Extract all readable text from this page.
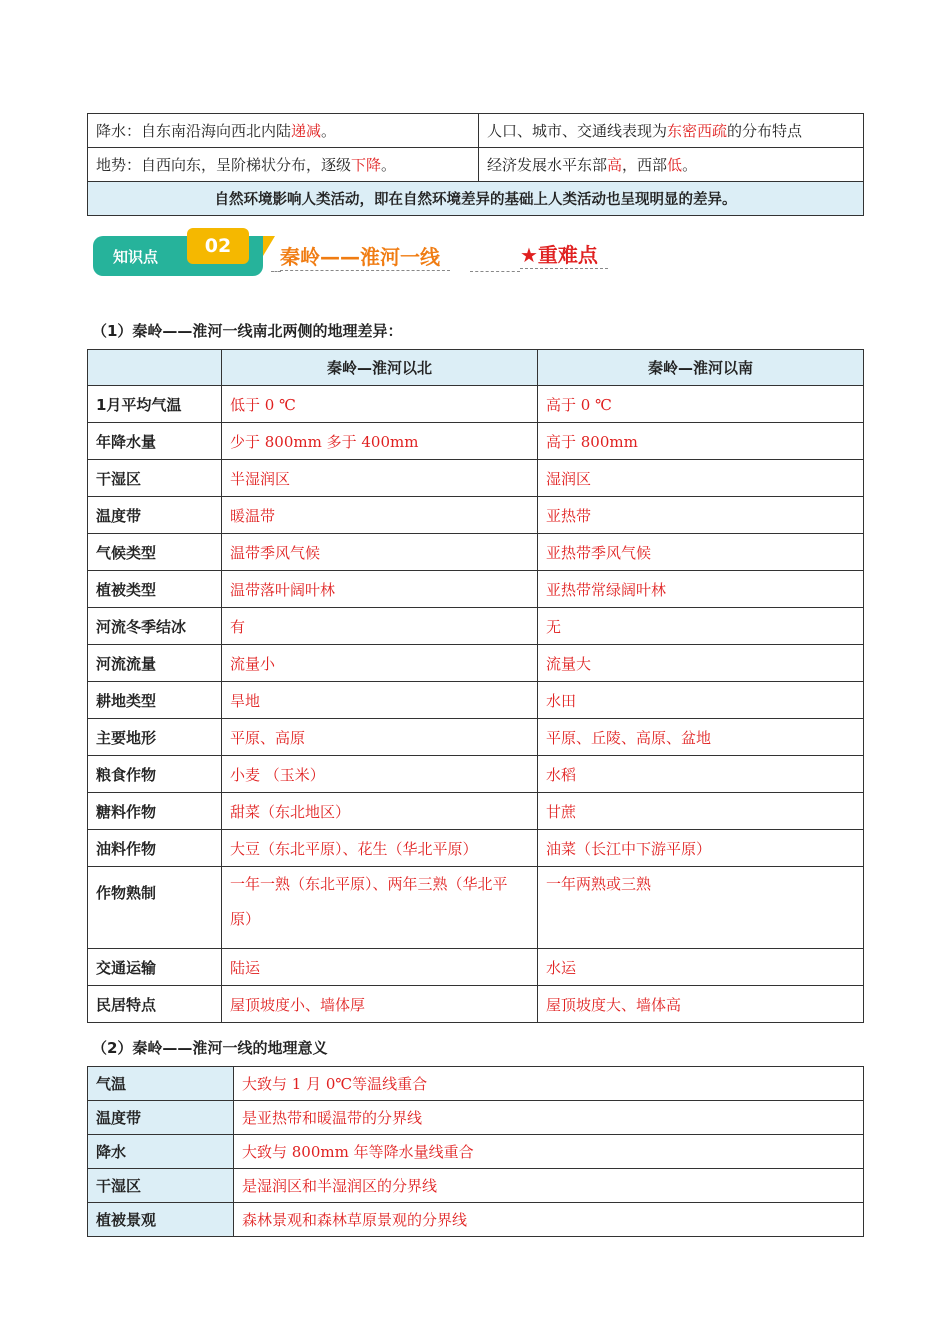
降水：自东南沿海向西北内陆递减。	人口、城市、交通线表现为东密西疏的分布特点
地势：自西向东，呈阶梯状分布，逐级下降。	经济发展水平东部高，西部低。
自然环境影响人类活动，即在自然环境差异的基础上人类活动也呈现明显的差异。	
知识点	02	秦岭——淮河一线	★重难点
（1）秦岭——淮河一线南北两侧的地理差异：
	秦岭—淮河以北	秦岭—淮河以南
1月平均气温	低于 0 ℃	高于 0 ℃
年降水量	少于 800mm 多于 400mm	高于 800mm
干湿区	半湿润区	湿润区
温度带	暖温带	亚热带
气候类型	温带季风气候	亚热带季风气候
植被类型	温带落叶阔叶林	亚热带常绿阔叶林
河流冬季结冰	有	无
河流流量	流量小	流量大
耕地类型	旱地	水田
主要地形	平原、高原	平原、丘陵、高原、盆地
粮食作物	小麦 （玉米）	水稻
糖料作物	甜菜（东北地区）	甘蔗
油料作物	大豆（东北平原）、花生（华北平原）	油菜（长江中下游平原）
作物熟制	一年一熟（东北平原）、两年三熟（华北平原）	一年两熟或三熟
交通运输	陆运	水运
民居特点	屋顶坡度小、墙体厚	屋顶坡度大、墙体高
（2）秦岭——淮河一线的地理意义
气温	大致与 1 月 0℃等温线重合
温度带	是亚热带和暖温带的分界线
降水	大致与 800mm 年等降水量线重合
干湿区	是湿润区和半湿润区的分界线
植被景观	森林景观和森林草原景观的分界线
